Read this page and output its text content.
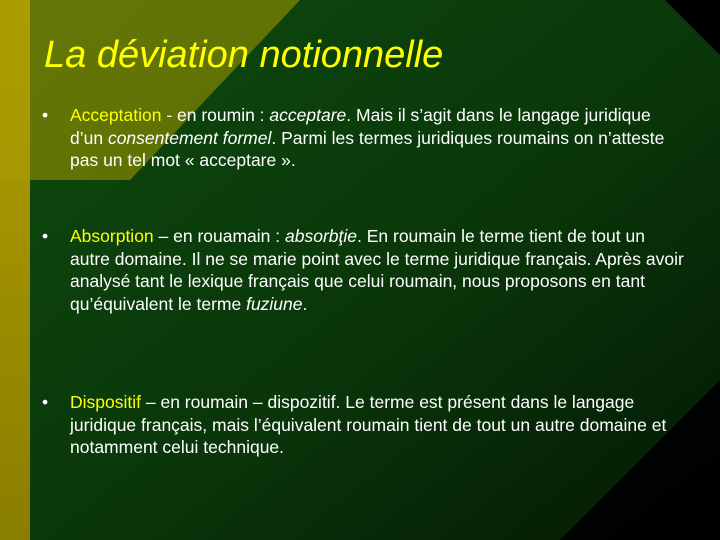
La déviation notionnelle
• Acceptation - en roumin : acceptare. Mais il s’agit dans le langage juridique d’un consentement formel. Parmi les termes juridiques roumains on n’atteste pas un tel mot « acceptare ».
• Absorption – en rouamain : absorbţie. En roumain le terme tient de tout un autre domaine. Il ne se marie point avec le terme juridique français. Après avoir analysé tant le lexique français que celui roumain, nous proposons en tant qu’équivalent le terme fuziune.
• Dispositif – en roumain – dispozitif. Le terme est présent dans le langage juridique français, mais l’équivalent roumain tient de tout un autre domaine et notamment celui technique.
